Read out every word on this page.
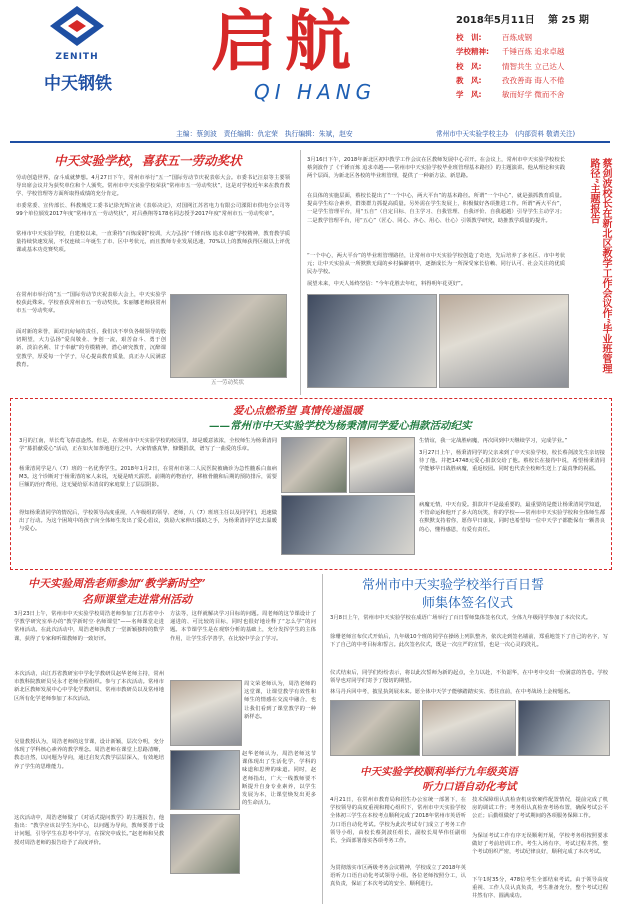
ZENITH
中天钢铁
启航
QI HANG
2018年5月11日 第 25 期
校　训:	百炼成钢
学校精神: 千锤百炼 追求卓越
校　风:	情智共生 立己达人
教　风:	孜孜善诲 诲人不倦
学　风:	敏而好学 微而不舍
主编：蔡剑波　责任编辑：仇定荣　执行编辑：朱斌，赵安	常州市中天实验学校主办　(内部资料 敬请关注)
中天实验学校，喜获五一劳动奖状
劳动创造世界，奋斗成就梦想。4月27日下午，常州市举行“五一”国际劳动节庆祝表彰大会。市委书记汪泉等主要领导出席会议并为获奖单位和个人颁奖。常州市中天实验学校荣获“常州市五一劳动奖状”，这是对学校近年来在教育教学、学校管理等方面所取得成绩的充分肯定。
市委常委、宣传部长、科教城党工委书记徐光辉宣读《表彰决定》，对国网江苏省电力有限公司溧阳市供电分公司等99个单位颁发2017年度“常州市五一劳动奖状”，对吕燕翔等178名同志授予2017年度“常州市五一劳动奖章”。
常州市中天实验学校，自建校以来，一直秉持“百炼成钢”校训，大力弘扬“千锤百炼 追求卓越”学校精神，教育教学质量持续快速发展，不仅连续三年诞生了市、区中考状元，而且教师专业发展迅速，70%以上的教师获得区级以上评优课或基本功竞赛奖项。
在常州市举行的“五一”国际劳动节庆祝表彰大会上，中天实验学校获此殊荣。学校喜获常州市五一劳动奖状。朱丽娜老师获常州市五一劳动奖章。
面对新的荣誉，面对沉甸甸的责任，我们决不辜负各级领导的殷切期望，大力弘扬“爱岗敬业、争创一流，艰苦奋斗、勇于创新、淡泊名利、甘于奉献”的劳模精神，潜心研究教育，沉醉课堂教学，厚爱每一个学子，尽心提高教育质量，真正办人民满意教育。
五一劳动奖状
3月16日下午，2018年新北区初中教学工作会议在区教师发展中心召开。在会议上，常州市中天实验学校校长蔡剑波作了《千锤百炼 追求卓越——常州市中天实验学校毕业班管理基本路径》的主题演讲。他从理论和实践两个层面，为新北区各校的毕业班管理，提供了一种新方法、新思路。
在具体的实施层面，蔡校长提出了“一个中心，两大平台”的基本路径。所谓“一个中心”，就是强抓教育质量。提高学生综合素养，群策群力抓提高质量。另外需在学生发展上，积极做好各项推进工作。所谓“两大平台”，一是学生管理平台，用“五自”（自定目标、自主学习、自我管理、自我评价、自我超越）引导学生主动学习；二是教学管理平台，用“五心”（匠心、同心、齐心、用心、壮心）引领教学研究，助推教学质量的提升。
“一个中心，两大平台”的毕业班管理路径，让常州市中天实验学校创造了奇迹，先后培养了多名区、市中考状元；让中天实验从一所默默无闻的乡村偏僻初中，逐渐成长为一所深受家长信赖、同行认可、社会关注的优质民办学校。
展望未来，中天人始终坚信：“今年花胜去年红，料得明年花更好”。	蔡剑波校长在新北区教学工作会议作“毕业班管理路径”主题报告
爱心点燃希望 真情传递温暖
——常州市中天实验学校为杨秉清同学爱心捐款活动纪实
3月的江南，草长莺飞春意盎然。但是，在常州市中天实验学校的校园里，却是暖意浓浓，全校师生为杨秉清同学“募捐献爱心”活动，正在如火如荼地进行之中。大家情感真挚，慷慨捐款，谱写了一曲爱的乐章。
杨秉清同学是八（7）班的一名优秀学生。2018年1月2日，在常州市第二人民医院被确诊为急性髓系白血病M3。这个诊断对于杨秉清的家人来说，无疑是晴天霹雳。前期的药物治疗，移植骨髓和后期的预防排斥，需要巨额的治疗费用，这无疑给原本清贫的家庭蒙上了层层阴影。
得知杨秉清同学的情况后，学校领导高度重视，八年级组的领导、老师，八（7）班班主任以及同学们，迅速做出了行动。为这个困境中的孩子向全体师生发出了爱心倡议，鼓励大家伸出援助之手，为杨秉清同学送去温暖与爱心。
生情谊，我一定战胜病魔，再次回到中天继续学习，完成学业。”
3月27日上午，杨秉清同学的父亲来到了中天实验学校，校长蔡剑波先生亲切接待了他。并把14748元爱心捐款交给了他。蔡校长在接待中说，希望杨秉清同学能够早日战胜病魔，重返校园。同时也代表全校师生送上了最真挚的祝福。
病魔无情，中天有爱。捐款并不是最重要的，最重要的是能让杨秉清同学知道，不管命运和他开了多大的玩笑，你的学校——常州市中天实验学校和全体师生都在默默支持着你，愿你早日康复，同时也希望每一位中天学子都能保有一颗善良的心，懂得感恩，有爱有责任。
中天实验周浩老师参加“教学新时空”
名师课堂走进常州活动
3月23日上午，常州市中天实验学校周浩老师参加了江苏省中小学教学研究室举办的“教学新时空·名师课堂”——名师课堂走进常州活动。在此次活动中，周浩老师执教了一堂新颖独特的数学课，获得了专家和听课教师的一致好评。
本次活动，由江苏省教研室中学化学教研员赵华老师主持，常州市教科院教研员吴永才老师全程组织。参与了本次活动。常州市新北区教师发展中心中学化学教研员、常州市教研员以及常州地区所有化学老师参加了本次活动。
吴量教授认为，周浩老师的这节课，设计新颖，层次分明，充分体现了学科核心素养的教学理念。周浩老师在课堂上思路清晰，教态自然，以问题为导向，通过启发式教学层层深入，有效地培养了学生的思维能力。
这次活动中，周浩老师做了《对话式提问教学》的主题报告，他指出：“教学应该以学生为中心，以问题为导向，教师要善于设计问题，引导学生在思考中学习，在探究中成长。”赵老师和吴教授对周浩老师的报告给予了高度评价。
方法等，这样就解决学习目标的问题。周老师的这节课设计了递进的、可比较的目标，同时也很好地诠释了“怎么学”的问题。本节课学生是在观察分析的基础上，充分发挥学生的主体作用，让学生乐学善学，在比较中学会了学习。
周文荣老师认为，周浩老师的这堂课，让课堂教学有效性和师生的情感在交流中融合，也让我们看到了课堂教学的一种新样态。
赵华老师认为，周浩老师这节课体现出了生活化学、学科的味道和思辨的味道。同时，赵老师指出，广大一线教师要不断提升自身专业素养，以学生发展为本，让课堂焕发出更多的生命活力。
常州市中天实验学校举行百日誓
师集体签名仪式
3月8日上午，常州市中天实验学校在成语广场举行了百日誓师集体签名仪式，全体九年级同学参加了本次仪式。
徐珊老师宣布仪式开始后，九年级10个班的同学在操场上列队整齐，依次走到签名墙前，郑重地签下了自己的名字，写下了自己的中考目标和誓言。此次签名仪式，既是一次庄严的宣誓，也是一次心灵的洗礼。
仪式结束后，同学们纷纷表示，将以此次誓师为新的起点，全力以赴，不负韶华，在中考中交出一份满意的答卷。学校领导也对同学们寄予了殷切的期望。
林马丹兵回中考，披星执剑展未来。愿全体中天学子能够踏踏实实、勇往直前，在中考战场上金榜题名。
中天实验学校顺利举行九年级英语
听力口语自动化考试
4月21日，在常州市教育局和招生办公室统一部署下，在学校领导的高度重视和精心组织下，常州市中天实验学校全体初三学生在本校考点顺利完成了2018年常州市英语听力口语自动化考试。学校为此次考试专门成立了考务工作领导小组，由校长蔡剑波任组长，副校长周华伟任副组长，全面部署落实各项考务工作。
为贯彻落实市区两级考务会议精神，学校成立了2018年英语听力口语自动化考试领导小组。各位老师按照分工，认真负责，保证了本次考试的安全、顺利进行。
技术保障组认真检查机房软硬件配置情况，提前完成了机房的调试工作；考务组认真检查考场布置，确保考试公平公正；后勤组做好了考试期间的各项服务保障工作。
为保证考试工作有序无误顺利开展，学校考务组按照要求做好了考前培训工作。考生入场有序，考试过程井然，整个考试组织严密，考试纪律良好，顺利完成了本次考试。
下午1时35分，478位考生全部结束考试。由于领导高度重视、工作人员认真负责，考生准备充分，整个考试过程井然有序、圆满成功。
